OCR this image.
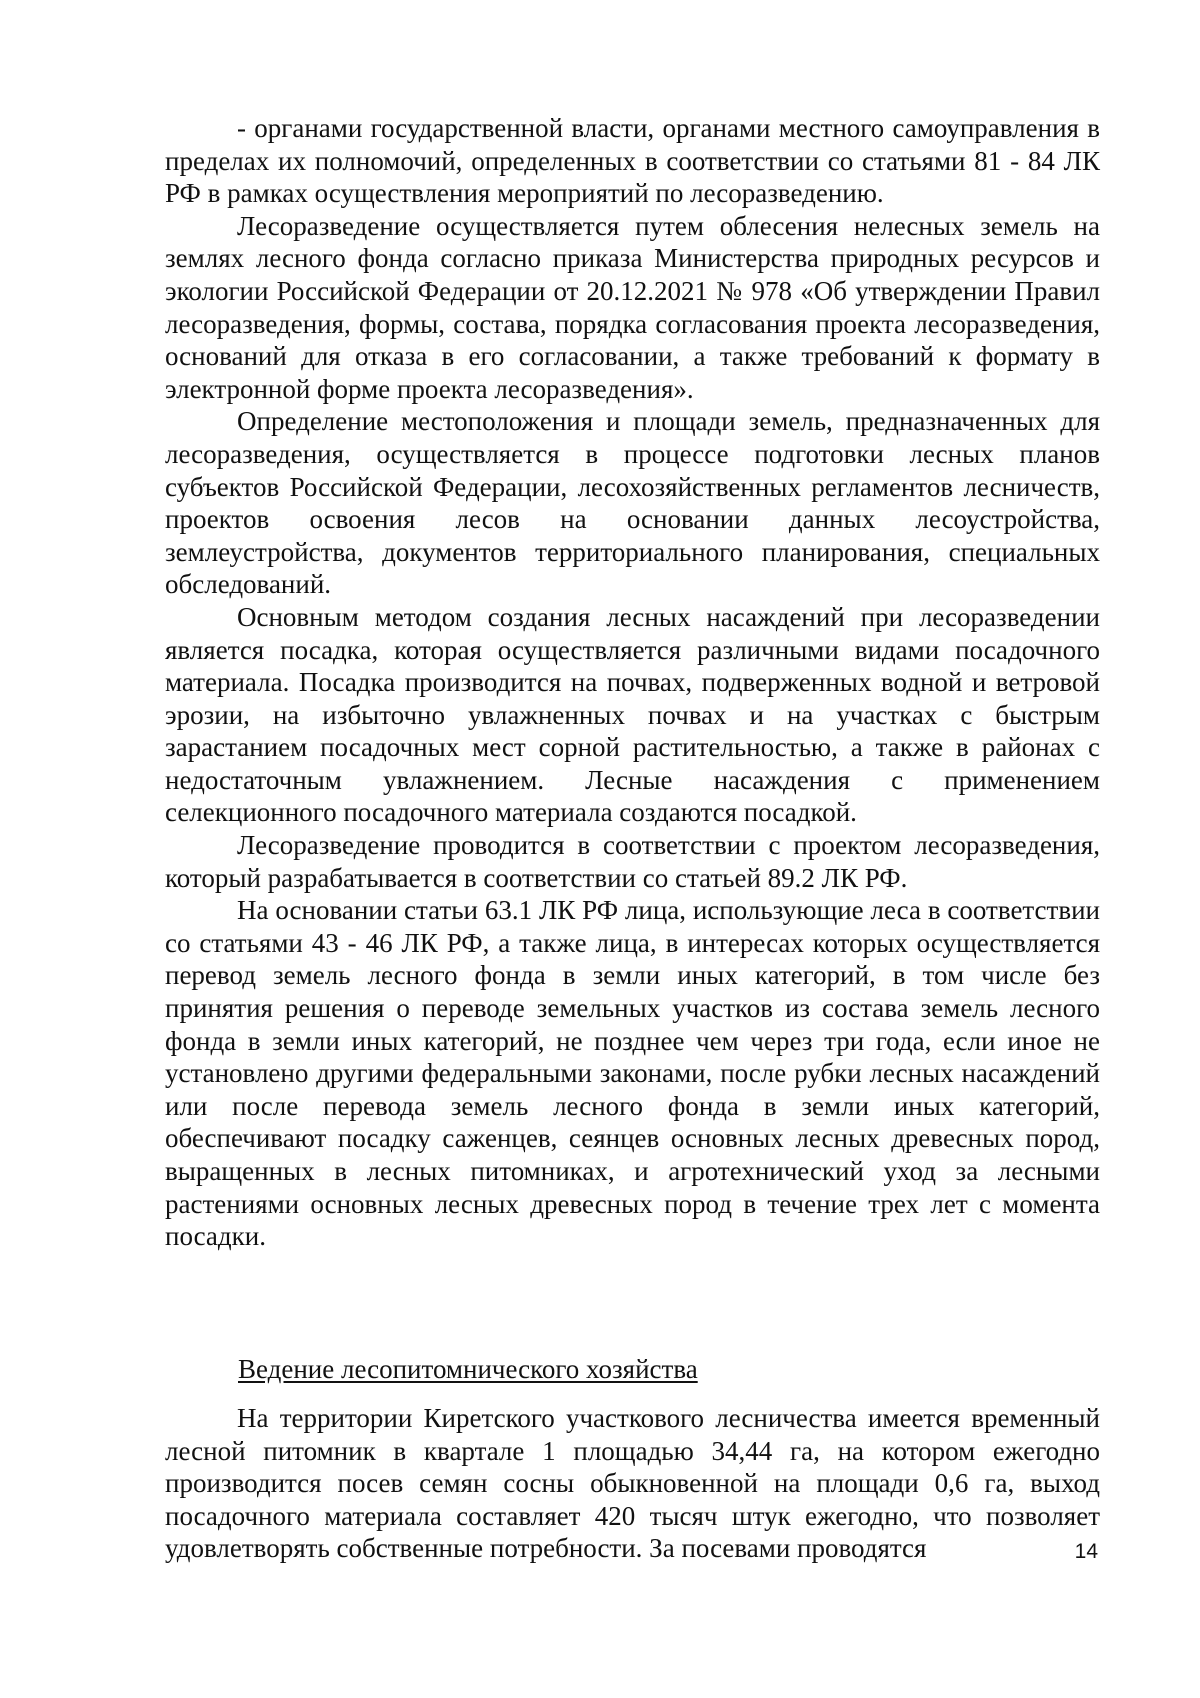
- органами государственной власти, органами местного самоуправления в пределах их полномочий, определенных в соответствии со статьями 81 - 84 ЛК РФ в рамках осуществления мероприятий по лесоразведению.

Лесоразведение осуществляется путем облесения нелесных земель на землях лесного фонда согласно приказа Министерства природных ресурсов и экологии Российской Федерации от 20.12.2021 № 978 «Об утверждении Правил лесоразведения, формы, состава, порядка согласования проекта лесоразведения, оснований для отказа в его согласовании, а также требований к формату в электронной форме проекта лесоразведения».

Определение местоположения и площади земель, предназначенных для лесоразведения, осуществляется в процессе подготовки лесных планов субъектов Российской Федерации, лесохозяйственных регламентов лесничеств, проектов освоения лесов на основании данных лесоустройства, землеустройства, документов территориального планирования, специальных обследований.

Основным методом создания лесных насаждений при лесоразведении является посадка, которая осуществляется различными видами посадочного материала. Посадка производится на почвах, подверженных водной и ветровой эрозии, на избыточно увлажненных почвах и на участках с быстрым зарастанием посадочных мест сорной растительностью, а также в районах с недостаточным увлажнением. Лесные насаждения с применением селекционного посадочного материала создаются посадкой.

Лесоразведение проводится в соответствии с проектом лесоразведения, который разрабатывается в соответствии со статьей 89.2 ЛК РФ.

На основании статьи 63.1 ЛК РФ лица, использующие леса в соответствии со статьями 43 - 46 ЛК РФ, а также лица, в интересах которых осуществляется перевод земель лесного фонда в земли иных категорий, в том числе без принятия решения о переводе земельных участков из состава земель лесного фонда в земли иных категорий, не позднее чем через три года, если иное не установлено другими федеральными законами, после рубки лесных насаждений или после перевода земель лесного фонда в земли иных категорий, обеспечивают посадку саженцев, сеянцев основных лесных древесных пород, выращенных в лесных питомниках, и агротехнический уход за лесными растениями основных лесных древесных пород в течение трех лет с момента посадки.

Ведение лесопитомнического хозяйства

На территории Киретского участкового лесничества имеется временный лесной питомник в квартале 1 площадью 34,44 га, на котором ежегодно производится посев семян сосны обыкновенной на площади 0,6 га, выход посадочного материала составляет 420 тысяч штук ежегодно, что позволяет удовлетворять собственные потребности. За посевами проводятся	14
